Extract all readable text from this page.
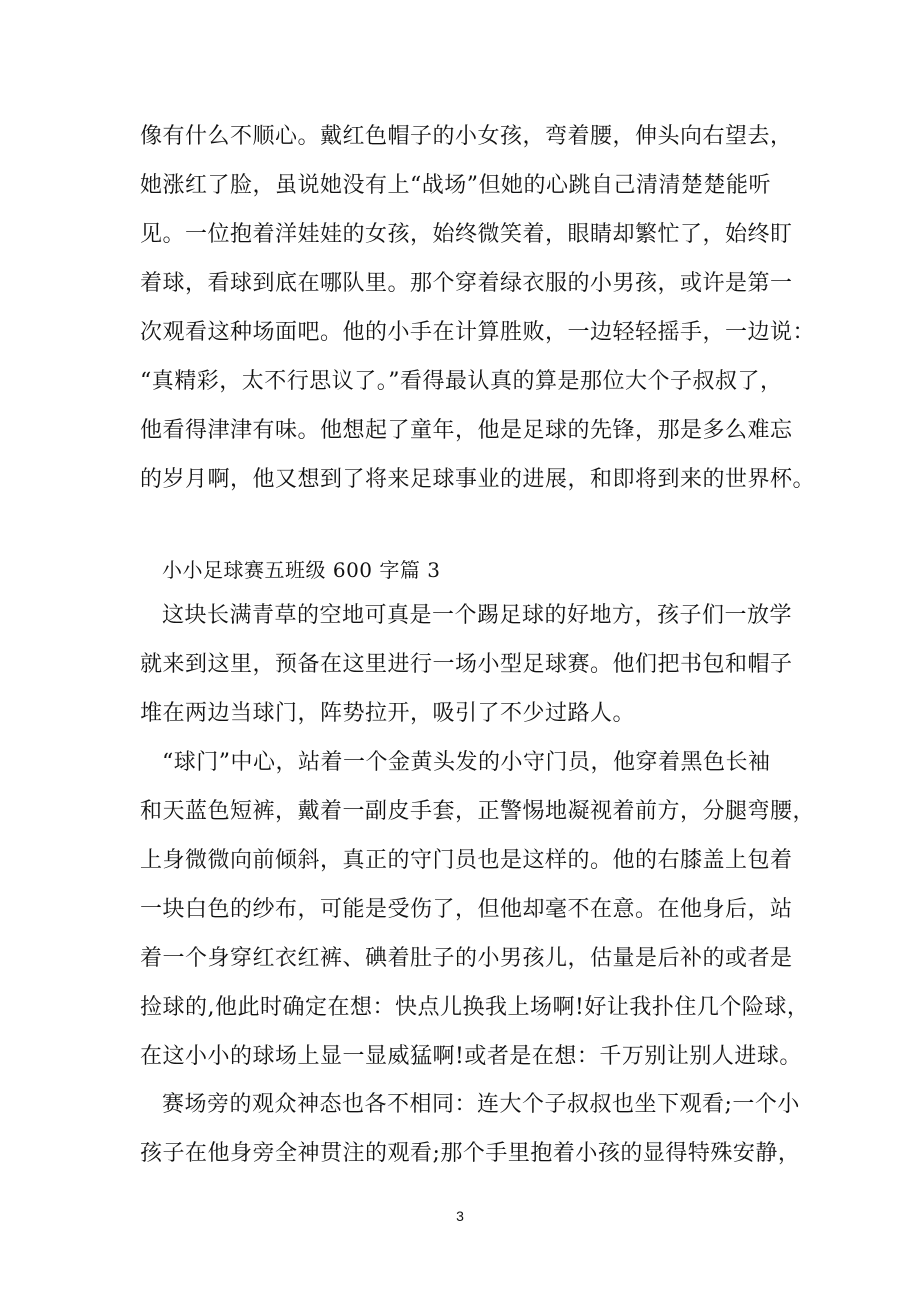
像有什么不顺心。戴红色帽子的小女孩，弯着腰，伸头向右望去，
她涨红了脸，虽说她没有上“战场”但她的心跳自己清清楚楚能听
见。一位抱着洋娃娃的女孩，始终微笑着，眼睛却繁忙了，始终盯
着球，看球到底在哪队里。那个穿着绿衣服的小男孩，或许是第一
次观看这种场面吧。他的小手在计算胜败，一边轻轻摇手，一边说：
“真精彩，太不行思议了。”看得最认真的算是那位大个子叔叔了，
他看得津津有味。他想起了童年，他是足球的先锋，那是多么难忘
的岁月啊，他又想到了将来足球事业的进展，和即将到来的世界杯。
小小足球赛五班级 600 字篇 3
这块长满青草的空地可真是一个踢足球的好地方，孩子们一放学
就来到这里，预备在这里进行一场小型足球赛。他们把书包和帽子
堆在两边当球门，阵势拉开，吸引了不少过路人。
“球门”中心，站着一个金黄头发的小守门员，他穿着黑色长袖
和天蓝色短裤，戴着一副皮手套，正警惕地凝视着前方，分腿弯腰，
上身微微向前倾斜，真正的守门员也是这样的。他的右膝盖上包着
一块白色的纱布，可能是受伤了，但他却毫不在意。在他身后，站
着一个身穿红衣红裤、碘着肚子的小男孩儿，估量是后补的或者是
捡球的,他此时确定在想：快点儿换我上场啊!好让我扑住几个险球，
在这小小的球场上显一显威猛啊!或者是在想：千万别让别人进球。
赛场旁的观众神态也各不相同：连大个子叔叔也坐下观看;一个小
孩子在他身旁全神贯注的观看;那个手里抱着小孩的显得特殊安静，
3
